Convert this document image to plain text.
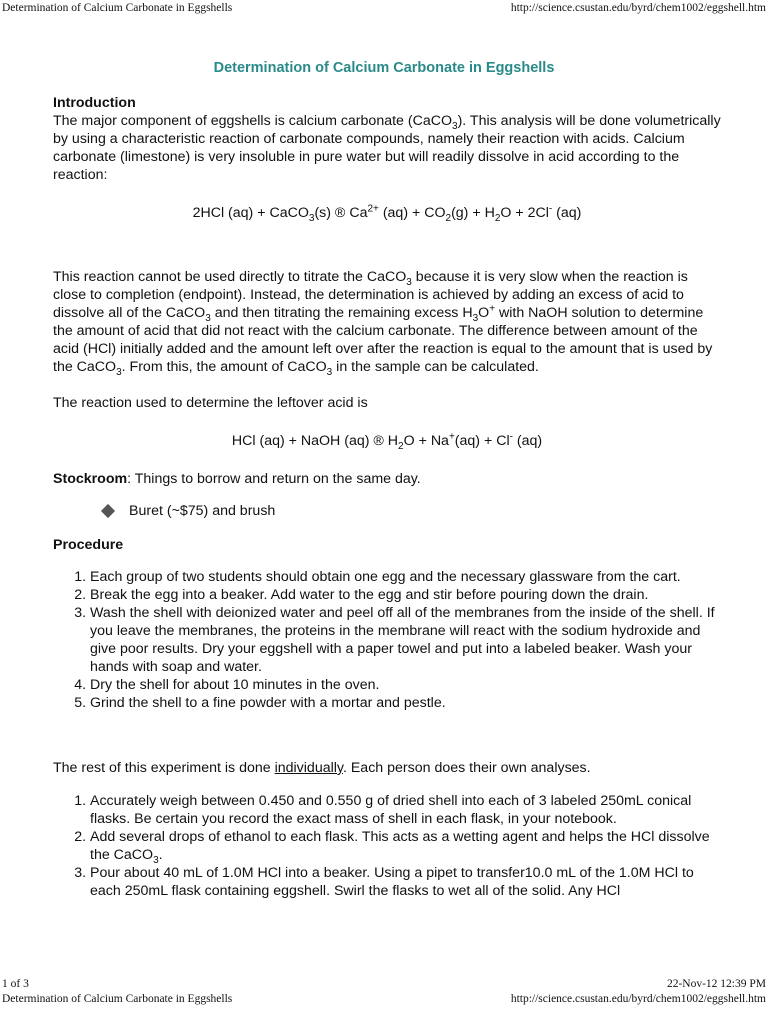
Determination of Calcium Carbonate in Eggshells	http://science.csustan.edu/byrd/chem1002/eggshell.htm
Determination of Calcium Carbonate in Eggshells

Introduction

The major component of eggshells is calcium carbonate (CaCO$_3$). This analysis will be done volumetrically by using a characteristic reaction of carbonate compounds, namely their reaction with acids. Calcium carbonate (limestone) is very insoluble in pure water but will readily dissolve in acid according to the reaction:

2HCl (aq) + CaCO$_3$(s) ® $Ca^{2+}$ $(aq) + CO_2(g) + H_2O + 2Cl^-$ (aq)

This reaction cannot be used directly to titrate the CaCO$_3$ because it is very slow when the reaction is close to completion (endpoint). Instead, the determination is achieved by adding an excess of acid to dissolve all of the CaCO$_3$ and then titrating the remaining excess $H_3O^+$ with NaOH solution to determine the amount of acid that did not react with the calcium carbonate. The difference between amount of the acid (HCl) initially added and the amount left over after the reaction is equal to the amount that is used by the CaCO$_3$. From this, the amount of CaCO$_3$ in the sample can be calculated.

The reaction used to determine the leftover acid is

HCl (aq) + NaOH (aq) ® $H_2O + Na^+(aq) + Cl^-$ (aq)

Stockroom: Things to borrow and return on the same day.

Buret (~$75) and brush

Procedure

1. Each group of two students should obtain one egg and the necessary glassware from the cart.
2. Break the egg into a beaker. Add water to the egg and stir before pouring down the drain.
3. Wash the shell with deionized water and peel off all of the membranes from the inside of the shell. If you leave the membranes, the proteins in the membrane will react with the sodium hydroxide and give poor results. Dry your eggshell with a paper towel and put into a labeled beaker. Wash your hands with soap and water.
4. Dry the shell for about 10 minutes in the oven.
5. Grind the shell to a fine powder with a mortar and pestle.

The rest of this experiment is done individually. Each person does their own analyses.

1. Accurately weigh between 0.450 and 0.550 g of dried shell into each of 3 labeled 250mL conical flasks. Be certain you record the exact mass of shell in each flask, in your notebook.
2. Add several drops of ethanol to each flask. This acts as a wetting agent and helps the HCl dissolve the CaCO$_3$.
3. Pour about 40 mL of 1.0M HCl into a beaker. Using a pipet to transfer10.0 mL of the 1.0M HCl to each 250mL flask containing eggshell. Swirl the flasks to wet all of the solid. Any HCl
1 of 3	22-Nov-12 12:39 PM
Determination of Calcium Carbonate in Eggshells	http://science.csustan.edu/byrd/chem1002/eggshell.htm
